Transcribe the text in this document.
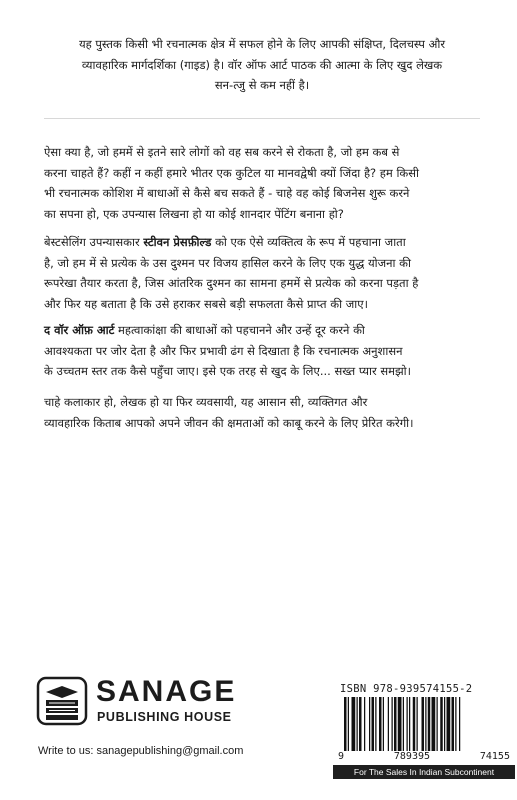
यह पुस्तक किसी भी रचनात्मक क्षेत्र में सफल होने के लिए आपकी संक्षिप्त, दिलचस्प और
व्यावहारिक मार्गदर्शिका (गाइड) है। वॉर ऑफ आर्ट पाठक की आत्मा के लिए खुद लेखक
सन-त्जु से कम नहीं है।

ऐसा क्या है, जो हममें से इतने सारे लोगों को वह सब करने से रोकता है, जो हम कब से
करना चाहते हैं? कहीं न कहीं हमारे भीतर एक कुटिल या मानवद्वेषी क्यों जिंदा है? हम किसी
भी रचनात्मक कोशिश में बाधाओं से कैसे बच सकते हैं - चाहे वह कोई बिजनेस शुरू करने
का सपना हो, एक उपन्यास लिखना हो या कोई शानदार पेंटिंग बनाना हो?

बेस्टसेलिंग उपन्यासकार स्टीवन प्रेसफ़ील्ड को एक ऐसे व्यक्तित्व के रूप में पहचाना जाता
है, जो हम में से प्रत्येक के उस दुश्मन पर विजय हासिल करने के लिए एक युद्ध योजना की
रूपरेखा तैयार करता है, जिस आंतरिक दुश्मन का सामना हममें से प्रत्येक को करना पड़ता है
और फिर यह बताता है कि उसे हराकर सबसे बड़ी सफलता कैसे प्राप्त की जाए।

द वॉर ऑफ़ आर्ट महत्वाकांक्षा की बाधाओं को पहचानने और उन्हें दूर करने की
आवश्यकता पर जोर देता है और फिर प्रभावी ढंग से दिखाता है कि रचनात्मक अनुशासन
के उच्चतम स्तर तक कैसे पहुँचा जाए। इसे एक तरह से खुद के लिए... सख्त प्यार समझो।

चाहे कलाकार हो, लेखक हो या फिर व्यवसायी, यह आसान सी, व्यक्तिगत और
व्यावहारिक किताब आपको अपने जीवन की क्षमताओं को काबू करने के लिए प्रेरित करेगी।

SANAGE
PUBLISHING HOUSE
Write to us: sanagepublishing@gmail.com
ISBN 978-939574155-2
9	789395	74155
For The Sales In Indian Subcontinent
